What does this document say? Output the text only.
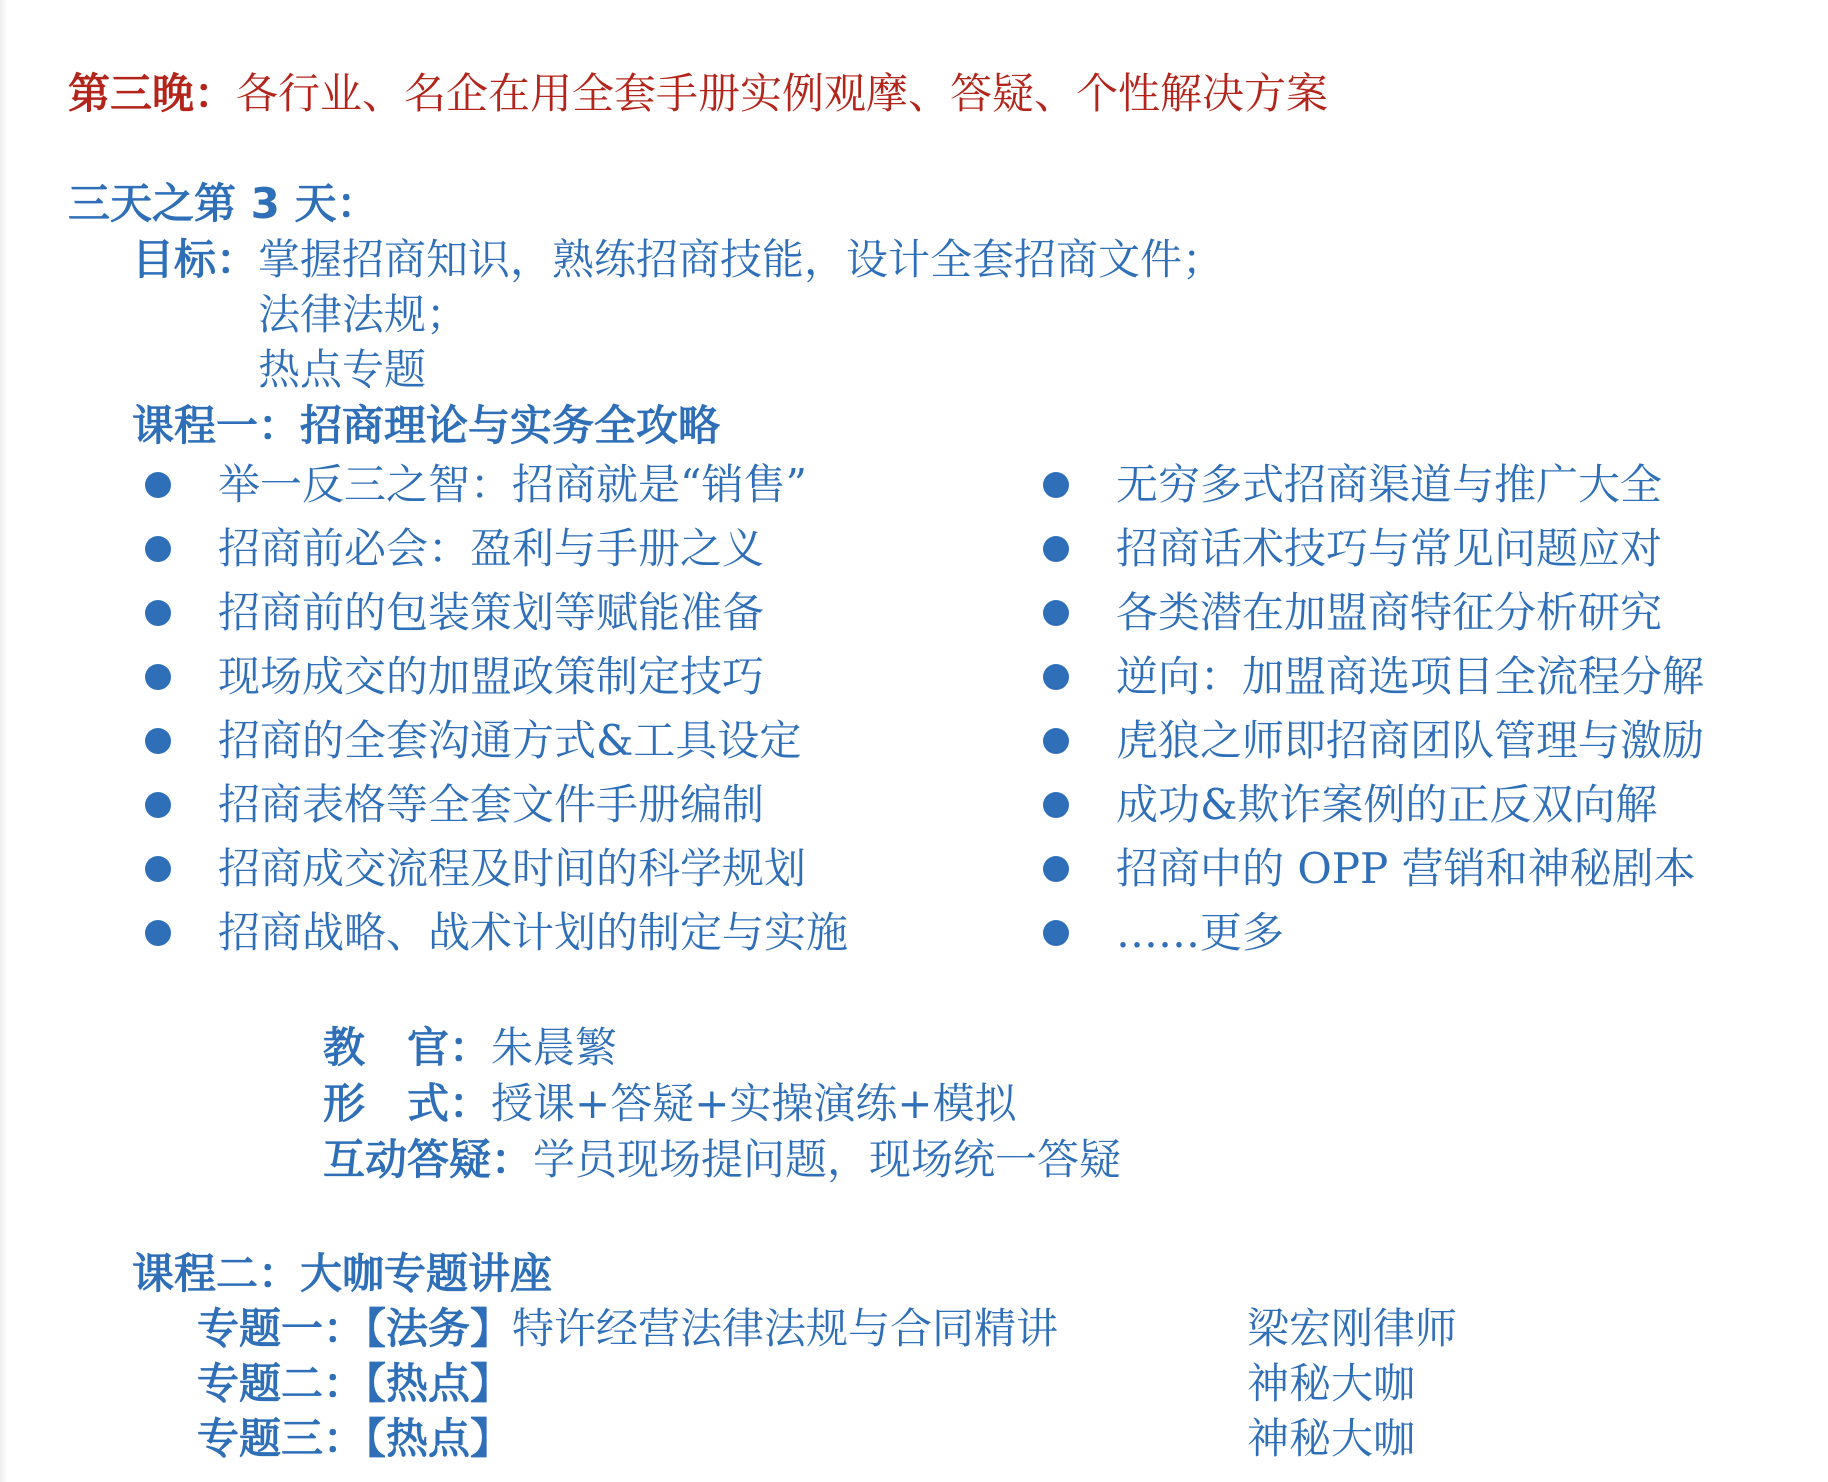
第三晚：各行业、名企在用全套手册实例观摩、答疑、个性解决方案
三天之第 3 天：
目标： 掌握招商知识，熟练招商技能，设计全套招商文件；
法律法规；
热点专题
课程一：招商理论与实务全攻略
举一反三之智：招商就是“销售”
招商前必会：盈利与手册之义
招商前的包装策划等赋能准备
现场成交的加盟政策制定技巧
招商的全套沟通方式&工具设定
招商表格等全套文件手册编制
招商成交流程及时间的科学规划
招商战略、战术计划的制定与实施
无穷多式招商渠道与推广大全
招商话术技巧与常见问题应对
各类潜在加盟商特征分析研究
逆向：加盟商选项目全流程分解
虎狼之师即招商团队管理与激励
成功&欺诈案例的正反双向解
招商中的 OPP 营销和神秘剧本
……更多
教　官：朱晨繁
形　式：授课+答疑+实操演练+模拟
互动答疑：学员现场提问题，现场统一答疑
课程二：大咖专题讲座
专题一：【法务】特许经营法律法规与合同精讲	梁宏刚律师
专题二：【热点】	神秘大咖
专题三：【热点】	神秘大咖
